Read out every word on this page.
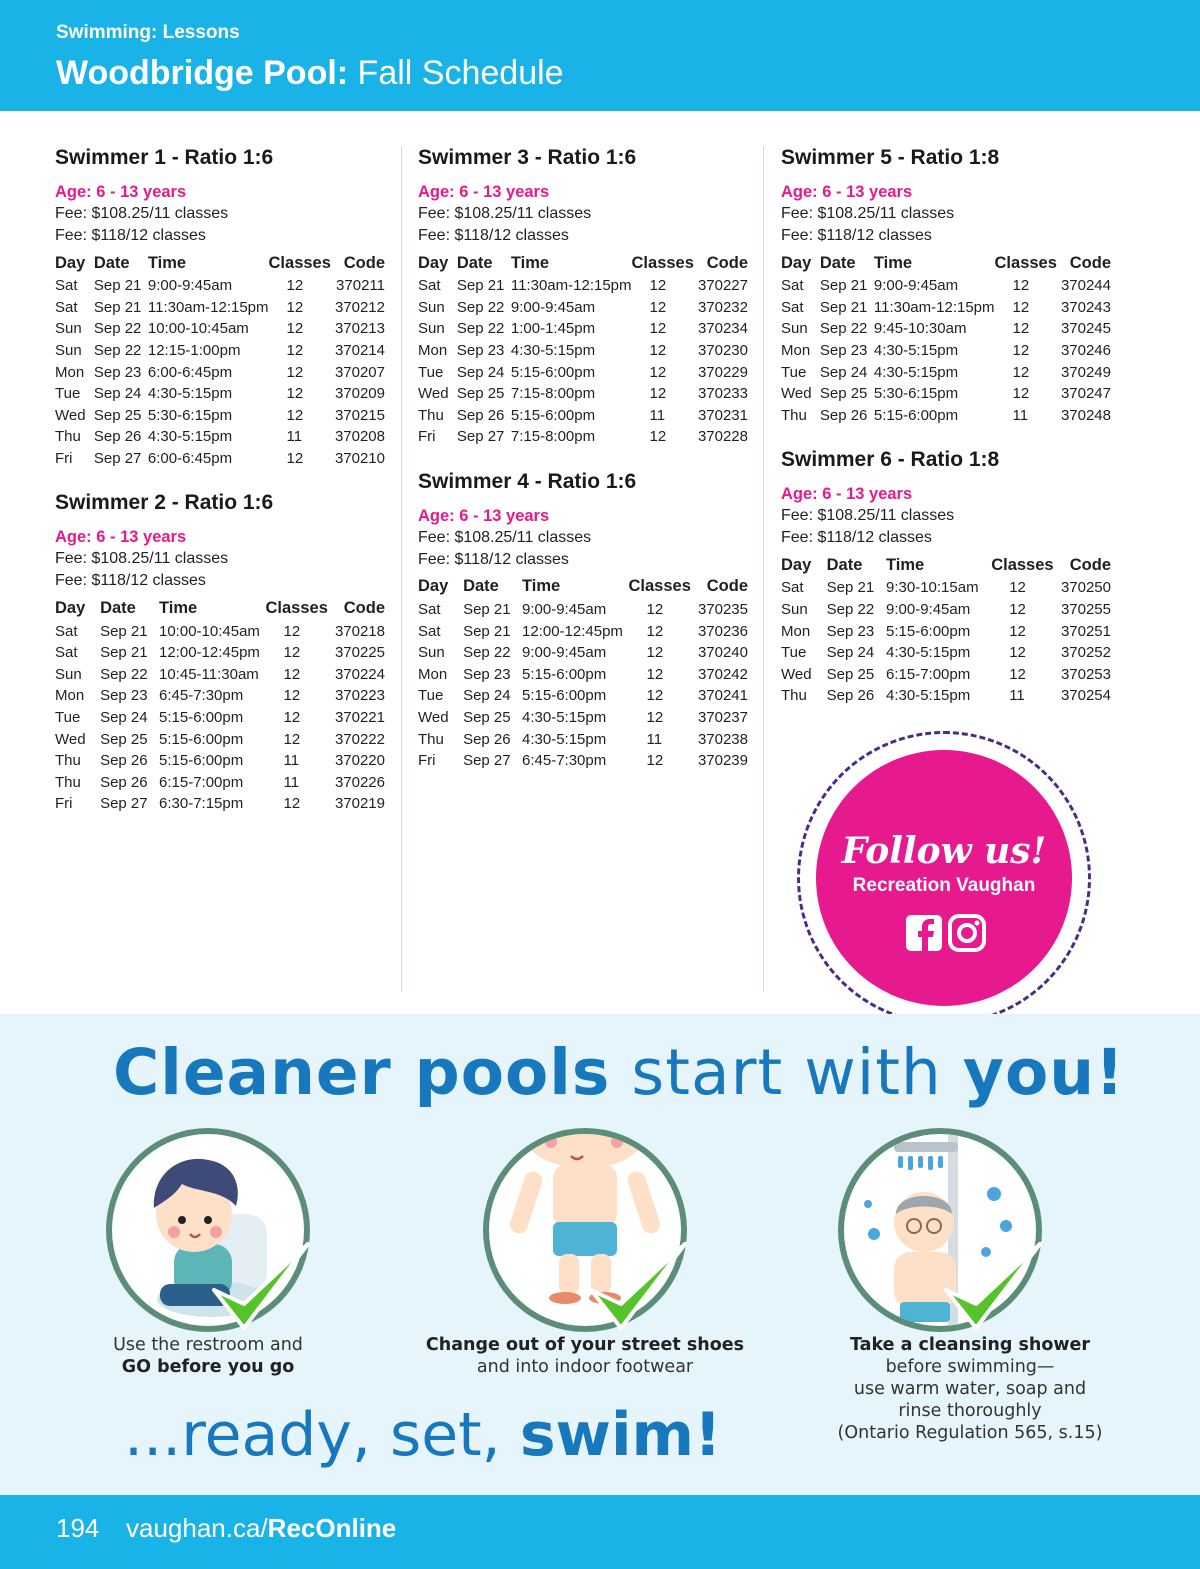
Swimming: Lessons
Woodbridge Pool: Fall Schedule
Swimmer 1 - Ratio 1:6
Age: 6 - 13 years
Fee: $108.25/11 classes
Fee: $118/12 classes
Day	Date	Time	Classes	Code
Sat	Sep 21	9:00-9:45am	12	370211
Sat	Sep 21	11:30am-12:15pm	12	370212
Sun	Sep 22	10:00-10:45am	12	370213
Sun	Sep 22	12:15-1:00pm	12	370214
Mon	Sep 23	6:00-6:45pm	12	370207
Tue	Sep 24	4:30-5:15pm	12	370209
Wed	Sep 25	5:30-6:15pm	12	370215
Thu	Sep 26	4:30-5:15pm	11	370208
Fri	Sep 27	6:00-6:45pm	12	370210
Swimmer 2 - Ratio 1:6
Age: 6 - 13 years
Fee: $108.25/11 classes
Fee: $118/12 classes
Day	Date	Time	Classes	Code
Sat	Sep 21	10:00-10:45am	12	370218
Sat	Sep 21	12:00-12:45pm	12	370225
Sun	Sep 22	10:45-11:30am	12	370224
Mon	Sep 23	6:45-7:30pm	12	370223
Tue	Sep 24	5:15-6:00pm	12	370221
Wed	Sep 25	5:15-6:00pm	12	370222
Thu	Sep 26	5:15-6:00pm	11	370220
Thu	Sep 26	6:15-7:00pm	11	370226
Fri	Sep 27	6:30-7:15pm	12	370219
Swimmer 3 - Ratio 1:6
Age: 6 - 13 years
Fee: $108.25/11 classes
Fee: $118/12 classes
Day	Date	Time	Classes	Code
Sat	Sep 21	11:30am-12:15pm	12	370227
Sun	Sep 22	9:00-9:45am	12	370232
Sun	Sep 22	1:00-1:45pm	12	370234
Mon	Sep 23	4:30-5:15pm	12	370230
Tue	Sep 24	5:15-6:00pm	12	370229
Wed	Sep 25	7:15-8:00pm	12	370233
Thu	Sep 26	5:15-6:00pm	11	370231
Fri	Sep 27	7:15-8:00pm	12	370228
Swimmer 4 - Ratio 1:6
Age: 6 - 13 years
Fee: $108.25/11 classes
Fee: $118/12 classes
Day	Date	Time	Classes	Code
Sat	Sep 21	9:00-9:45am	12	370235
Sat	Sep 21	12:00-12:45pm	12	370236
Sun	Sep 22	9:00-9:45am	12	370240
Mon	Sep 23	5:15-6:00pm	12	370242
Tue	Sep 24	5:15-6:00pm	12	370241
Wed	Sep 25	4:30-5:15pm	12	370237
Thu	Sep 26	4:30-5:15pm	11	370238
Fri	Sep 27	6:45-7:30pm	12	370239
Swimmer 5 - Ratio 1:8
Age: 6 - 13 years
Fee: $108.25/11 classes
Fee: $118/12 classes
Day	Date	Time	Classes	Code
Sat	Sep 21	9:00-9:45am	12	370244
Sat	Sep 21	11:30am-12:15pm	12	370243
Sun	Sep 22	9:45-10:30am	12	370245
Mon	Sep 23	4:30-5:15pm	12	370246
Tue	Sep 24	4:30-5:15pm	12	370249
Wed	Sep 25	5:30-6:15pm	12	370247
Thu	Sep 26	5:15-6:00pm	11	370248
Swimmer 6 - Ratio 1:8
Age: 6 - 13 years
Fee: $108.25/11 classes
Fee: $118/12 classes
Day	Date	Time	Classes	Code
Sat	Sep 21	9:30-10:15am	12	370250
Sun	Sep 22	9:00-9:45am	12	370255
Mon	Sep 23	5:15-6:00pm	12	370251
Tue	Sep 24	4:30-5:15pm	12	370252
Wed	Sep 25	6:15-7:00pm	12	370253
Thu	Sep 26	4:30-5:15pm	11	370254
Follow us!
Recreation Vaughan
Cleaner pools start with you!
Use the restroom and
GO before you go
Change out of your street shoes
and into indoor footwear
Take a cleansing shower
before swimming—
use warm water, soap and
rinse thoroughly
(Ontario Regulation 565, s.15)
...ready, set, swim!
194 vaughan.ca/RecOnline
